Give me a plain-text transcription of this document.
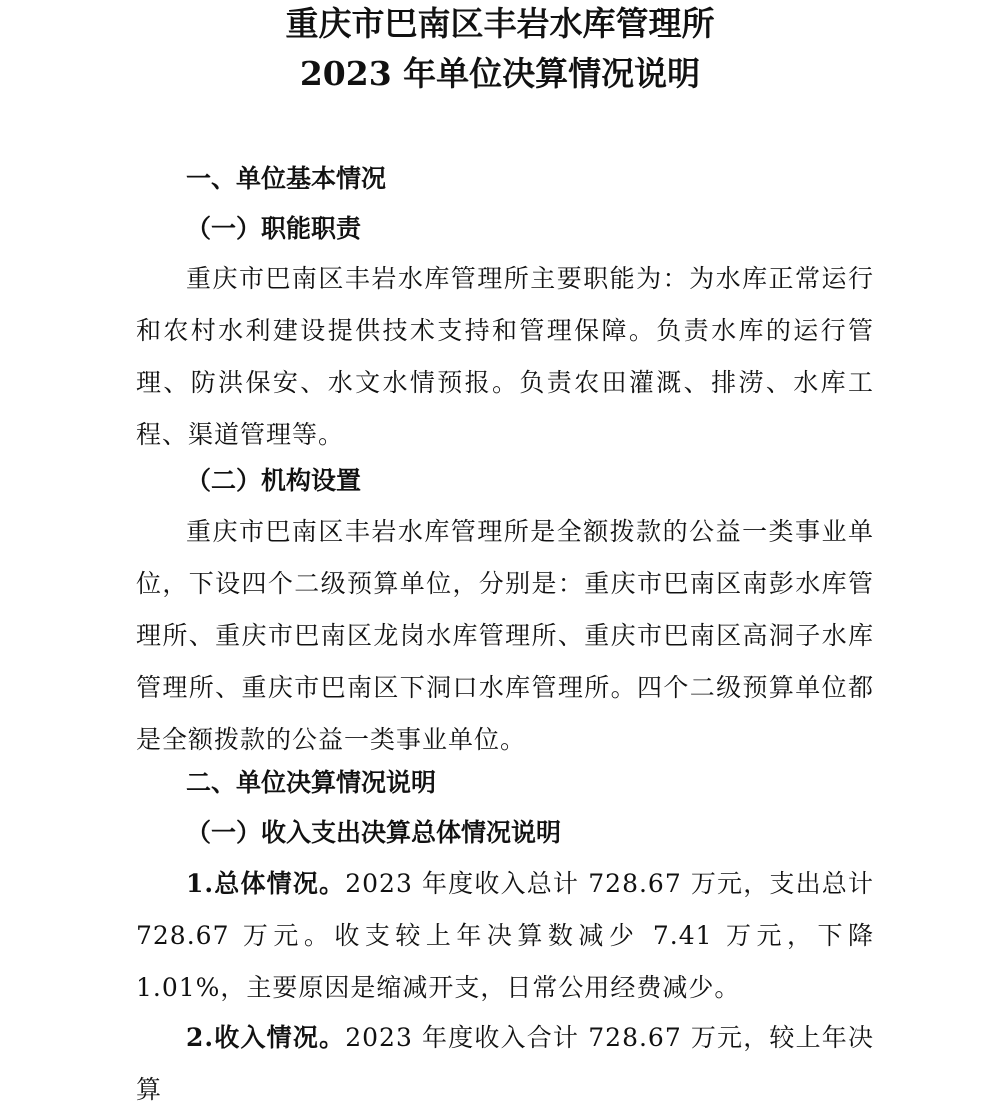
重庆市巴南区丰岩水库管理所
2023 年单位决算情况说明
一、单位基本情况
（一）职能职责

重庆市巴南区丰岩水库管理所主要职能为：为水库正常运行和农村水利建设提供技术支持和管理保障。负责水库的运行管理、防洪保安、水文水情预报。负责农田灌溉、排涝、水库工程、渠道管理等。

（二）机构设置

重庆市巴南区丰岩水库管理所是全额拨款的公益一类事业单位，下设四个二级预算单位，分别是：重庆市巴南区南彭水库管理所、重庆市巴南区龙岗水库管理所、重庆市巴南区高洞子水库管理所、重庆市巴南区下洞口水库管理所。四个二级预算单位都是全额拨款的公益一类事业单位。

二、单位决算情况说明
（一）收入支出决算总体情况说明

1.总体情况。2023 年度收入总计 728.67 万元，支出总计 728.67 万元。收支较上年决算数减少 7.41 万元，下降 1.01%，主要原因是缩减开支，日常公用经费减少。

2.收入情况。2023 年度收入合计 728.67 万元，较上年决算
